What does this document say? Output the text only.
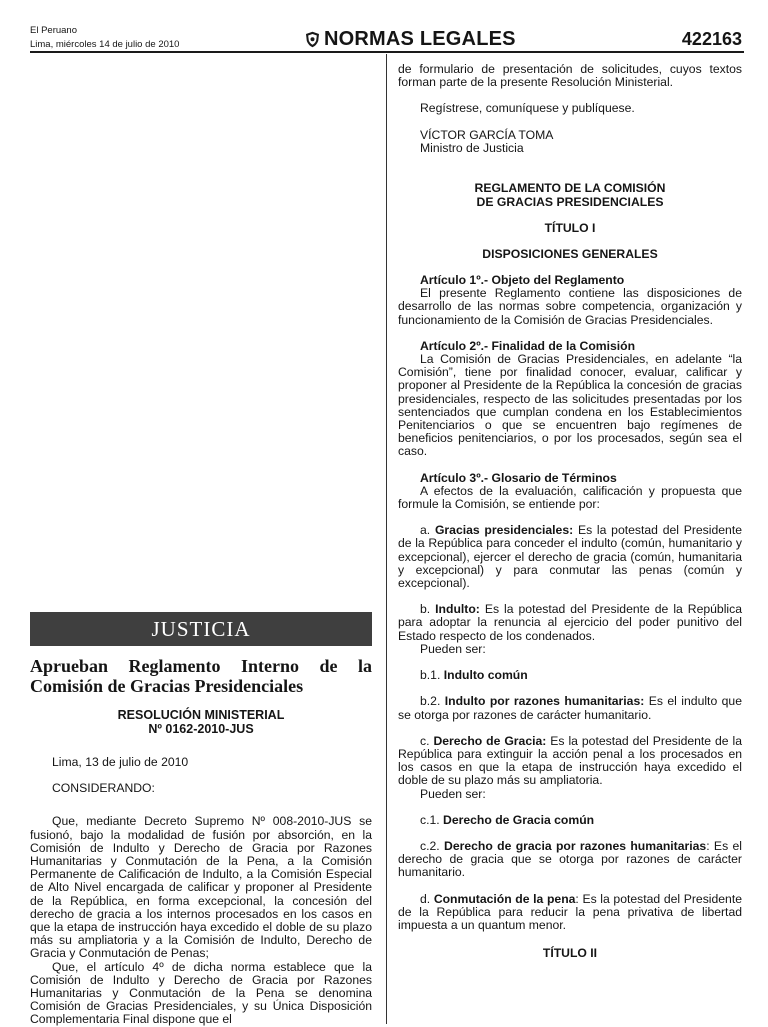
El Peruano
Lima, miércoles 14 de julio de 2010	NORMAS LEGALES	422163
JUSTICIA
Aprueban Reglamento Interno de la Comisión de Gracias Presidenciales
RESOLUCIÓN MINISTERIAL
Nº 0162-2010-JUS

Lima, 13 de julio de 2010

CONSIDERANDO:

Que, mediante Decreto Supremo Nº 008-2010-JUS se fusionó, bajo la modalidad de fusión por absorción, en la Comisión de Indulto y Derecho de Gracia por Razones Humanitarias y Conmutación de la Pena, a la Comisión Permanente de Calificación de Indulto, a la Comisión Especial de Alto Nivel encargada de calificar y proponer al Presidente de la República, en forma excepcional, la concesión del derecho de gracia a los internos procesados en los casos en que la etapa de instrucción haya excedido el doble de su plazo más su ampliatoria y a la Comisión de Indulto, Derecho de Gracia y Conmutación de Penas;

Que, el artículo 4º de dicha norma establece que la Comisión de Indulto y Derecho de Gracia por Razones Humanitarias y Conmutación de la Pena se denomina Comisión de Gracias Presidenciales, y su Única Disposición Complementaria Final dispone que el

de formulario de presentación de solicitudes, cuyos textos forman parte de la presente Resolución Ministerial.

Regístrese, comuníquese y publíquese.

VÍCTOR GARCÍA TOMA

Ministro de Justicia

REGLAMENTO DE LA COMISIÓN
DE GRACIAS PRESIDENCIALES
TÍTULO I
DISPOSICIONES GENERALES

Artículo 1º.- Objeto del Reglamento

El presente Reglamento contiene las disposiciones de desarrollo de las normas sobre competencia, organización y funcionamiento de la Comisión de Gracias Presidenciales.

Artículo 2º.- Finalidad de la Comisión

La Comisión de Gracias Presidenciales, en adelante “la Comisión”, tiene por finalidad conocer, evaluar, calificar y proponer al Presidente de la República la concesión de gracias presidenciales, respecto de las solicitudes presentadas por los sentenciados que cumplan condena en los Establecimientos Penitenciarios o que se encuentren bajo regímenes de beneficios penitenciarios, o por los procesados, según sea el caso.

Artículo 3º.- Glosario de Términos

A efectos de la evaluación, calificación y propuesta que formule la Comisión, se entiende por:

a. Gracias presidenciales: Es la potestad del Presidente de la República para conceder el indulto (común, humanitario y excepcional), ejercer el derecho de gracia (común, humanitaria y excepcional) y para conmutar las penas (común y excepcional).

b. Indulto: Es la potestad del Presidente de la República para adoptar la renuncia al ejercicio del poder punitivo del Estado respecto de los condenados.

Pueden ser:

b.1. Indulto común

b.2. Indulto por razones humanitarias: Es el indulto que se otorga por razones de carácter humanitario.

c. Derecho de Gracia: Es la potestad del Presidente de la República para extinguir la acción penal a los procesados en los casos en que la etapa de instrucción haya excedido el doble de su plazo más su ampliatoria.

Pueden ser:

c.1. Derecho de Gracia común

c.2. Derecho de gracia por razones humanitarias: Es el derecho de gracia que se otorga por razones de carácter humanitario.

d. Conmutación de la pena: Es la potestad del Presidente de la República para reducir la pena privativa de libertad impuesta a un quantum menor.

TÍTULO II
